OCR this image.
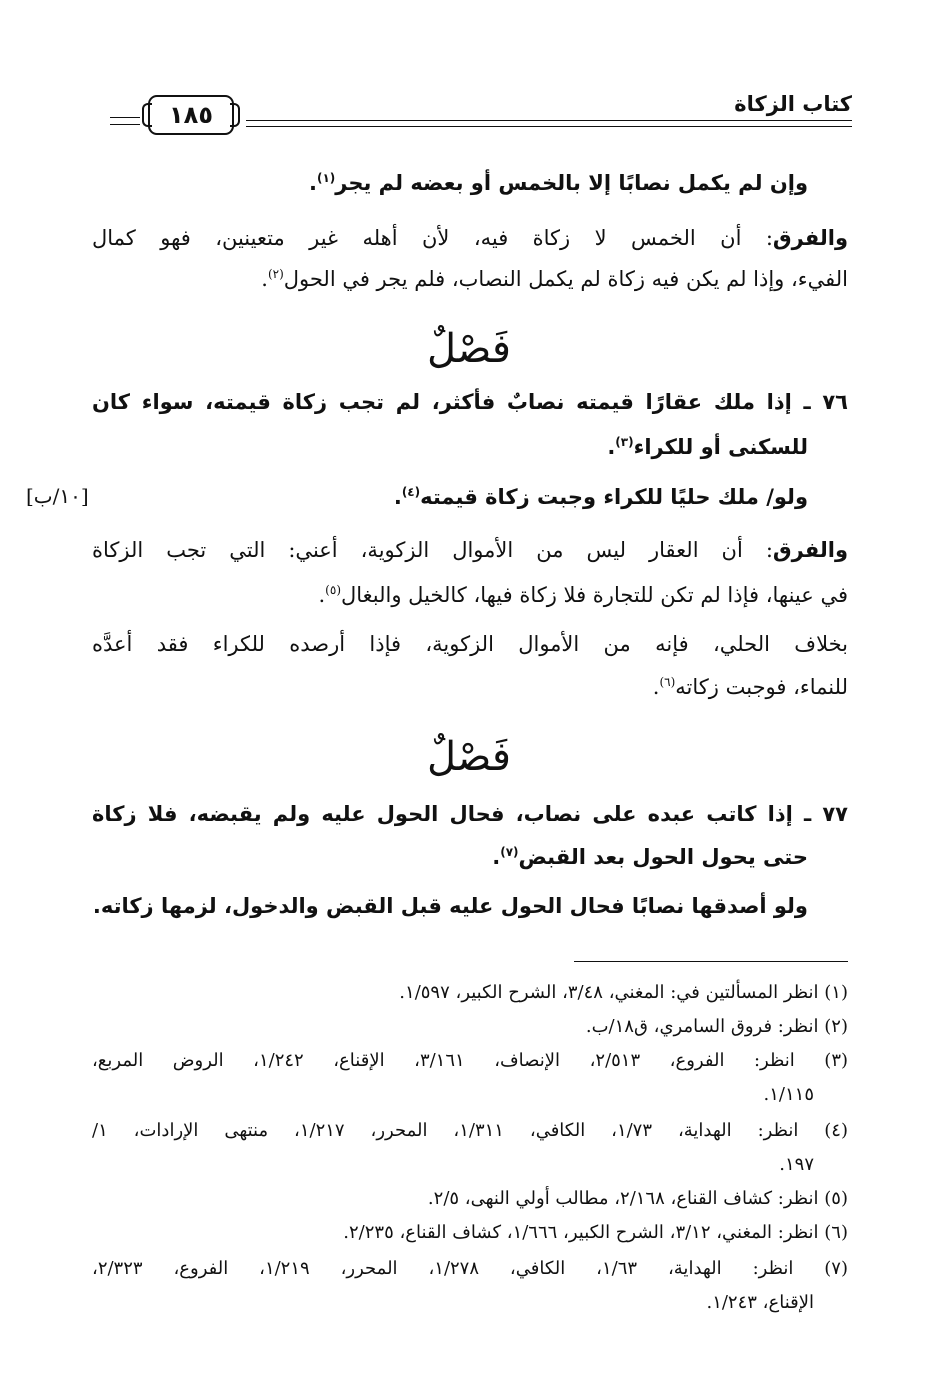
كتاب الزكاة
١٨٥
وإن لم يكمل نصابًا إلا بالخمس أو بعضه لم يجر$^{(١)}$.
والفرق: أن الخمس لا زكاة فيه، لأن أهله غير متعينين، فهو كمال
الفيء، وإذا لم يكن فيه زكاة لم يكمل النصاب، فلم يجر في الحول$^{(٢)}$.
فَصْلٌ
٧٦ ـ إذا ملك عقارًا قيمته نصابٌ فأكثر، لم تجب زكاة قيمته، سواء كان
للسكنى أو للكراء$^{(٣)}$.
ولو/ ملك حليًا للكراء وجبت زكاة قيمته$^{(٤)}$.
[١٠/ب]
والفرق: أن العقار ليس من الأموال الزكوية، أعني: التي تجب الزكاة
في عينها، فإذا لم تكن للتجارة فلا زكاة فيها، كالخيل والبغال$^{(٥)}$.
بخلاف الحلي، فإنه من الأموال الزكوية، فإذا أرصده للكراء فقد أعدَّه
للنماء، فوجبت زكاته$^{(٦)}$.
فَصْلٌ
٧٧ ـ إذا كاتب عبده على نصاب، فحال الحول عليه ولم يقبضه، فلا زكاة
حتى يحول الحول بعد القبض$^{(٧)}$.
ولو أصدقها نصابًا فحال الحول عليه قبل القبض والدخول، لزمها زكاته.
(١) انظر المسألتين في: المغني، ٣/٤٨، الشرح الكبير، ١/٥٩٧.
(٢) انظر: فروق السامري، ق١٨/ب.
(٣) انظر: الفروع، ٢/٥١٣، الإنصاف، ٣/١٦١، الإقناع، ١/٢٤٢، الروض المربع،
١/١١٥.
(٤) انظر: الهداية، ١/٧٣، الكافي، ١/٣١١، المحرر، ١/٢١٧، منتهى الإرادات، ١/
١٩٧.
(٥) انظر: كشاف القناع، ٢/١٦٨، مطالب أولي النهى، ٢/٥.
(٦) انظر: المغني، ٣/١٢، الشرح الكبير، ١/٦٦٦، كشاف القناع، ٢/٢٣٥.
(٧) انظر: الهداية، ١/٦٣، الكافي، ١/٢٧٨، المحرر، ١/٢١٩، الفروع، ٢/٣٢٣،
الإقناع، ١/٢٤٣.
